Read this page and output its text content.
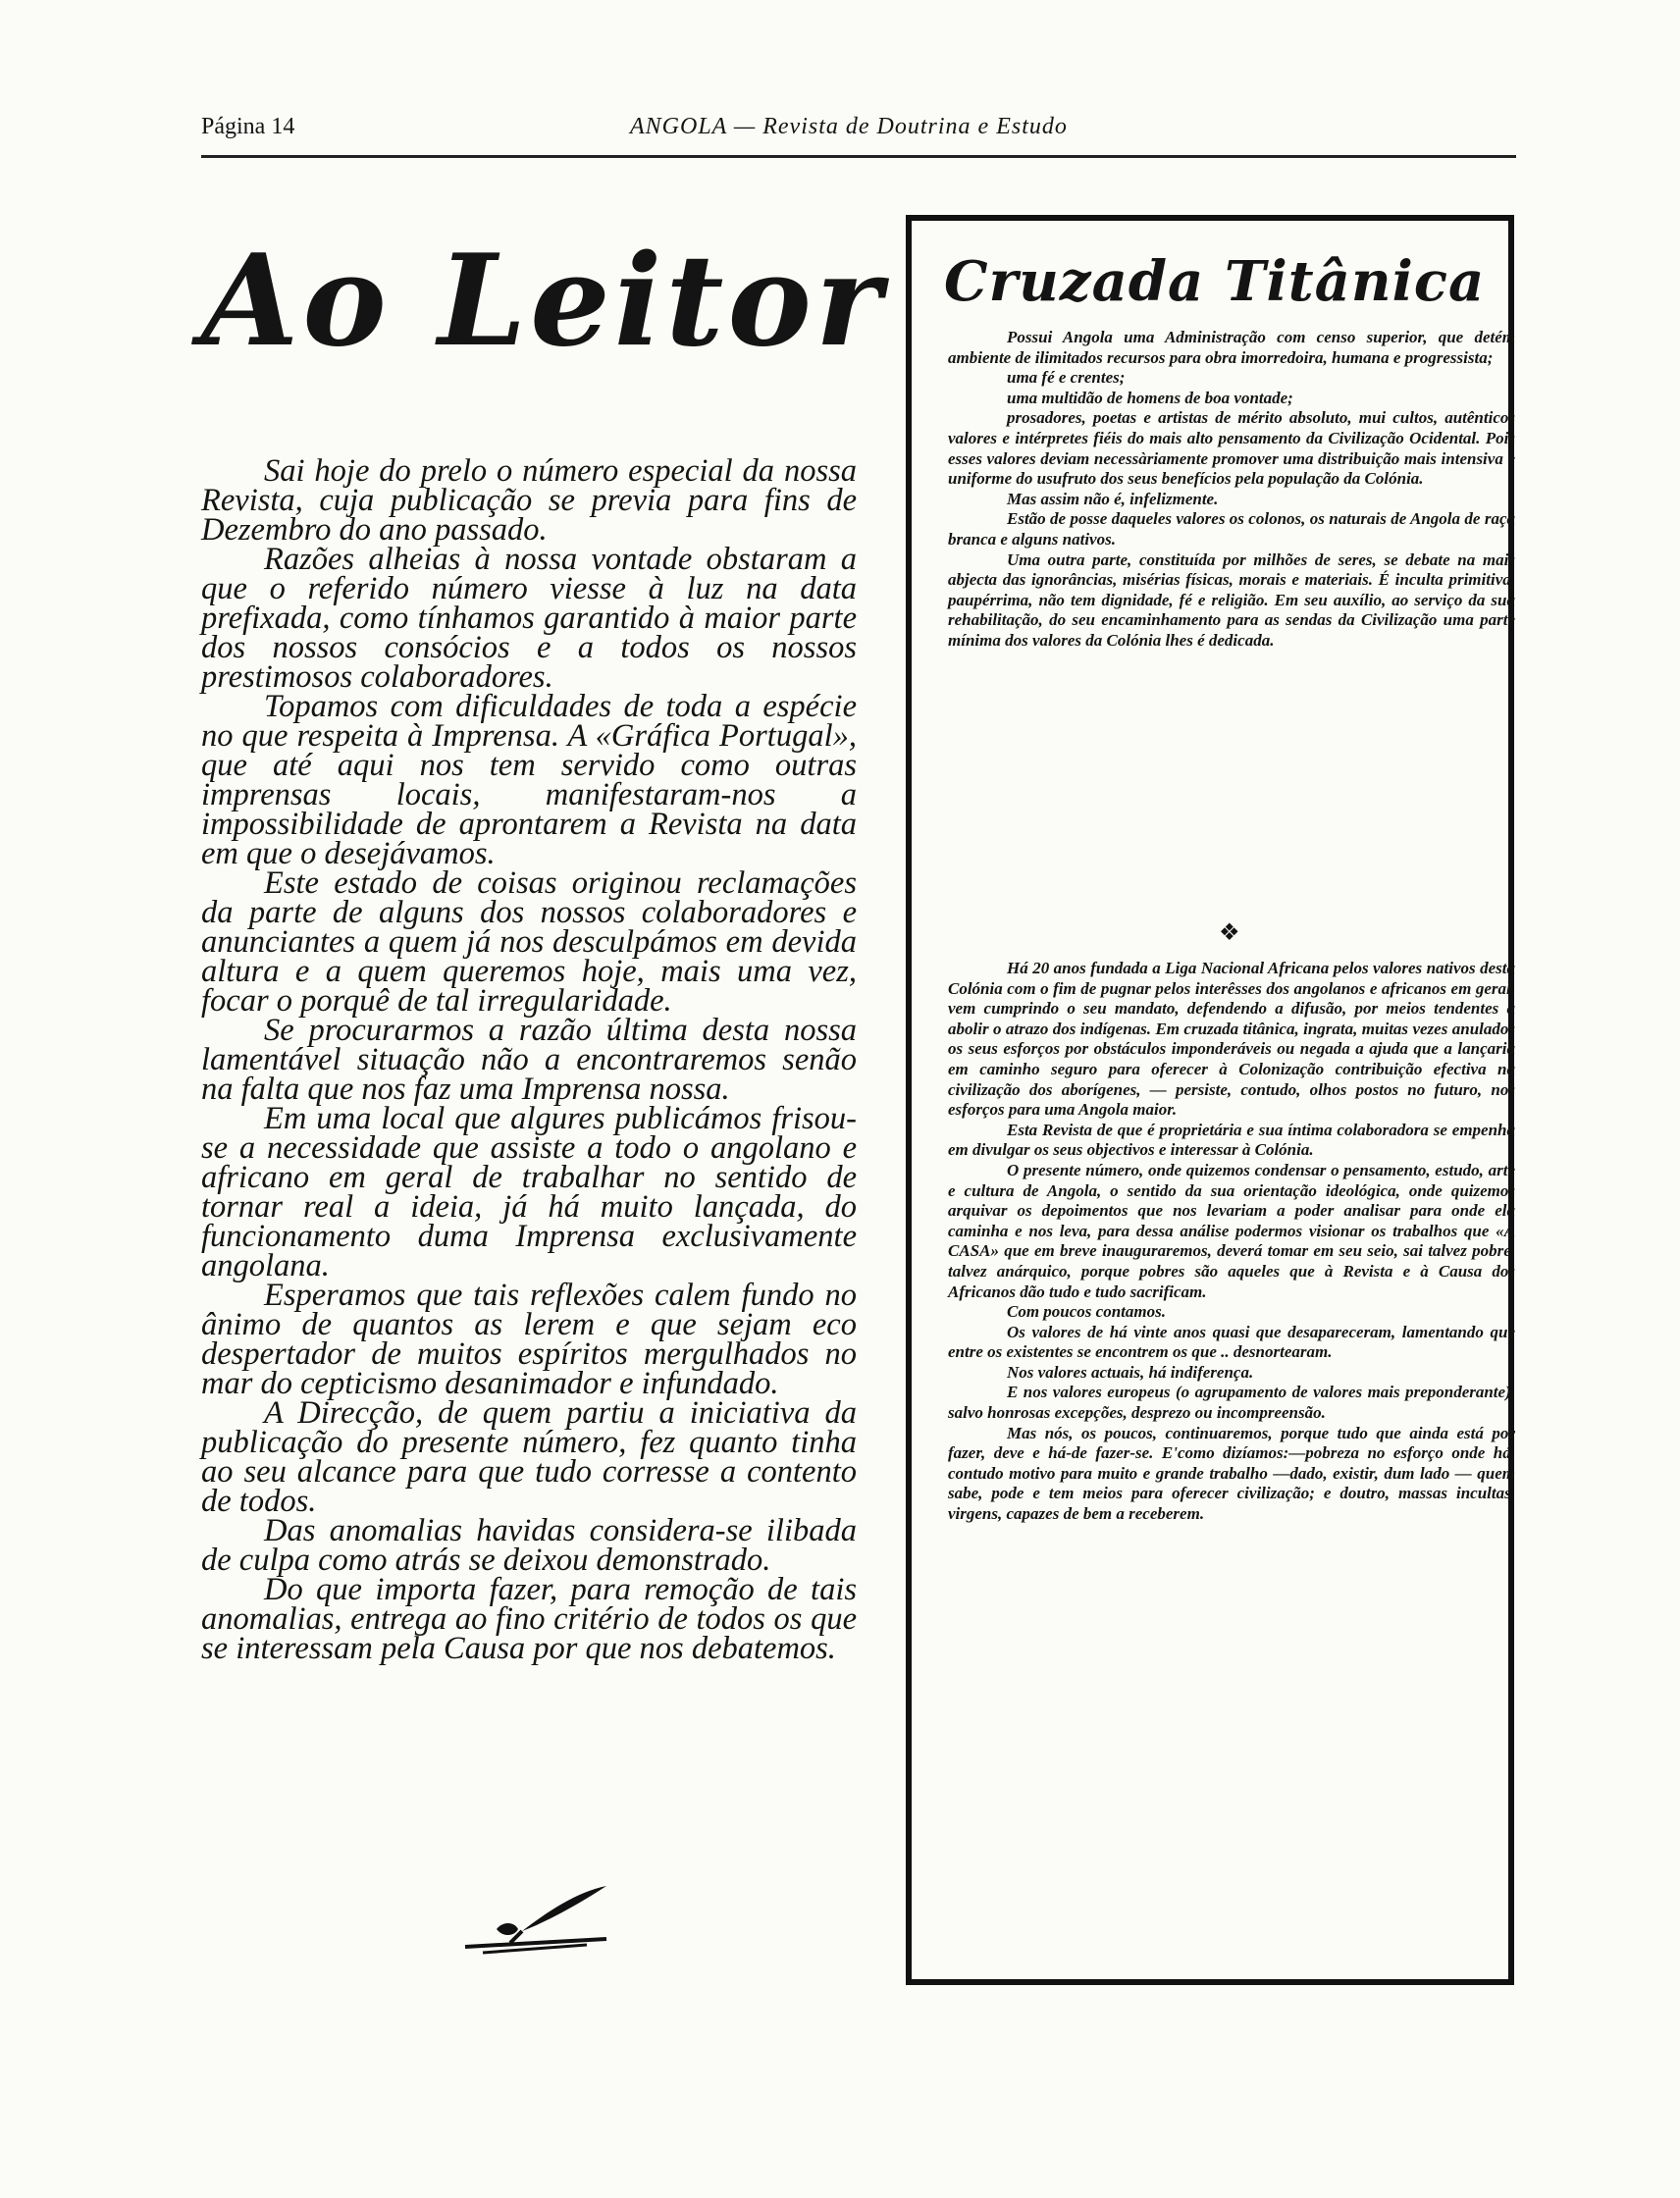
Página 14	ANGOLA — Revista de Doutrina e Estudo
Ao Leitor

Sai hoje do prelo o número especial da nossa Revista, cuja publicação se previa para fins de Dezembro do ano passado.

Razões alheias à nossa vontade obstaram a que o referido número viesse à luz na data prefixada, como tínhamos garantido à maior parte dos nossos consócios e a todos os nossos prestimosos colaboradores.

Topamos com dificuldades de toda a espécie no que respeita à Imprensa. A «Gráfica Portugal», que até aqui nos tem servido como outras imprensas locais, manifestaram-nos a impossibilidade de aprontarem a Revista na data em que o desejávamos.

Este estado de coisas originou reclamações da parte de alguns dos nossos colaboradores e anunciantes a quem já nos desculpámos em devida altura e a quem queremos hoje, mais uma vez, focar o porquê de tal irregularidade.

Se procurarmos a razão última desta nossa lamentável situação não a encontraremos senão na falta que nos faz uma Imprensa nossa.

Em uma local que algures publicámos frisou-se a necessidade que assiste a todo o angolano e africano em geral de trabalhar no sentido de tornar real a ideia, já há muito lançada, do funcionamento duma Imprensa exclusivamente angolana.

Esperamos que tais reflexões calem fundo no ânimo de quantos as lerem e que sejam eco despertador de muitos espíritos mergulhados no mar do cepticismo desanimador e infundado.

A Direcção, de quem partiu a iniciativa da publicação do presente número, fez quanto tinha ao seu alcance para que tudo corresse a contento de todos.

Das anomalias havidas considera-se ilibada de culpa como atrás se deixou demonstrado.

Do que importa fazer, para remoção de tais anomalias, entrega ao fino critério de todos os que se interessam pela Causa por que nos debatemos.

Cruzada Titânica

Possui Angola uma Administração com censo superior, que detém ambiente de ilimitados recursos para obra imorredoira, humana e progressista;

uma fé e crentes;

uma multidão de homens de boa vontade;

prosadores, poetas e artistas de mérito absoluto, mui cultos, autênticos valores e intérpretes fiéis do mais alto pensamento da Civilização Ocidental. Pois esses valores deviam necessàriamente promover uma distribuição mais intensiva e uniforme do usufruto dos seus benefícios pela população da Colónia.

Mas assim não é, infelizmente.

Estão de posse daqueles valores os colonos, os naturais de Angola de raça branca e alguns nativos.

Uma outra parte, constituída por milhões de seres, se debate na mais abjecta das ignorâncias, misérias físicas, morais e materiais. É inculta primitiva, paupérrima, não tem dignidade, fé e religião. Em seu auxílio, ao serviço da sua rehabilitação, do seu encaminhamento para as sendas da Civilização uma parte mínima dos valores da Colónia lhes é dedicada.

❖

Há 20 anos fundada a Liga Nacional Africana pelos valores nativos desta Colónia com o fim de pugnar pelos interêsses dos angolanos e africanos em geral, vem cumprindo o seu mandato, defendendo a difusão, por meios tendentes a abolir o atrazo dos indígenas. Em cruzada titânica, ingrata, muitas vezes anulados os seus esforços por obstáculos imponderáveis ou negada a ajuda que a lançaria em caminho seguro para oferecer à Colonização contribuição efectiva na civilização dos aborígenes, — persiste, contudo, olhos postos no futuro, nos esforços para uma Angola maior.

Esta Revista de que é proprietária e sua íntima colaboradora se empenha em divulgar os seus objectivos e interessar à Colónia.

O presente número, onde quizemos condensar o pensamento, estudo, arte e cultura de Angola, o sentido da sua orientação ideológica, onde quizemos arquivar os depoimentos que nos levariam a poder analisar para onde ela caminha e nos leva, para dessa análise podermos visionar os trabalhos que «A CASA» que em breve inauguraremos, deverá tomar em seu seio, sai talvez pobre, talvez anárquico, porque pobres são aqueles que à Revista e à Causa dos Africanos dão tudo e tudo sacrificam.

Com poucos contamos.

Os valores de há vinte anos quasi que desapareceram, lamentando que entre os existentes se encontrem os que .. desnortearam.

Nos valores actuais, há indiferença.

E nos valores europeus (o agrupamento de valores mais preponderante), salvo honrosas excepções, desprezo ou incompreensão.

Mas nós, os poucos, continuaremos, porque tudo que ainda está por fazer, deve e há-de fazer-se. E'como dizíamos:—pobreza no esforço onde há, contudo motivo para muito e grande trabalho —dado, existir, dum lado — quem sabe, pode e tem meios para oferecer civilização; e doutro, massas incultas, virgens, capazes de bem a receberem.
